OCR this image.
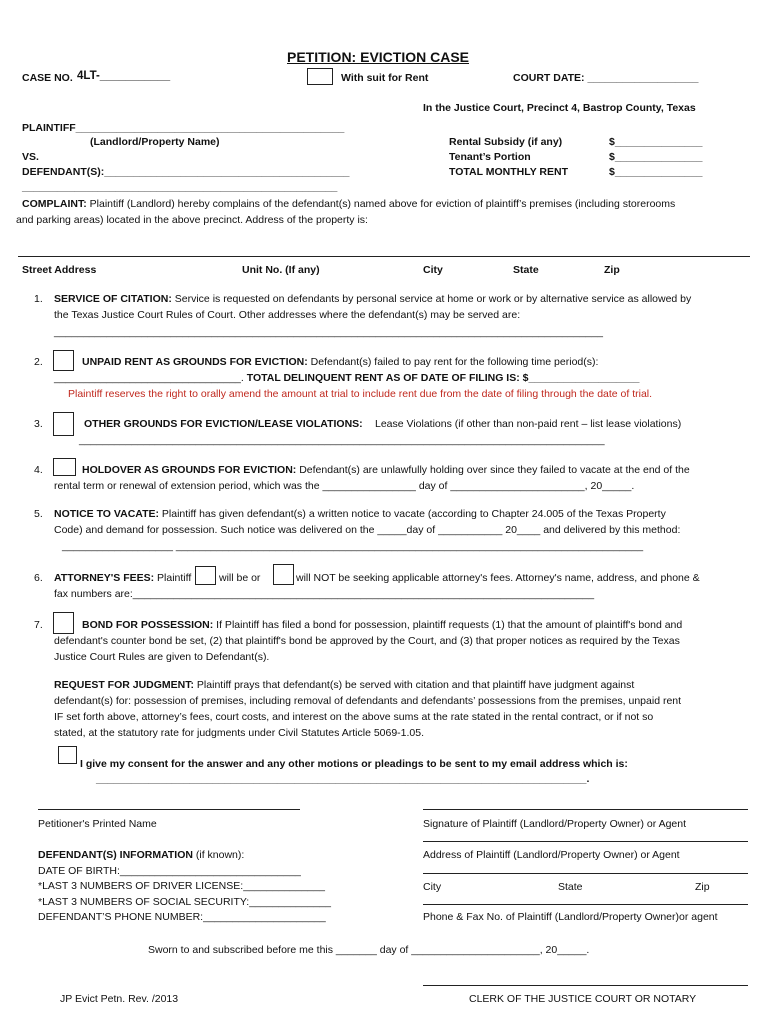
PETITION: EVICTION CASE
CASE NO. 4LT-___________	With suit for Rent	COURT DATE: ___________________
In the Justice Court, Precinct 4, Bastrop County, Texas
PLAINTIFF______________________________________________
(Landlord/Property Name)
VS.
DEFENDANT(S):__________________________________________
______________________________________________________
Rental Subsidy (if any)	$_______________
Tenant’s Portion	$_______________
TOTAL MONTHLY RENT	$_______________
COMPLAINT: Plaintiff (Landlord) hereby complains of the defendant(s) named above for eviction of plaintiff’s premises (including storerooms
and parking areas) located in the above precinct. Address of the property is:
Street Address	Unit No. (If any)	City	State	Zip
1. SERVICE OF CITATION: Service is requested on defendants by personal service at home or work or by alternative service as allowed by
the Texas Justice Court Rules of Court. Other addresses where the defendant(s) may be served are:
______________________________________________________________________________________________
2.	UNPAID RENT AS GROUNDS FOR EVICTION: Defendant(s) failed to pay rent for the following time period(s):
________________________________. TOTAL DELINQUENT RENT AS OF DATE OF FILING IS: $___________________
Plaintiff reserves the right to orally amend the amount at trial to include rent due from the date of filing through the date of trial.
3.	OTHER GROUNDS FOR EVICTION/LEASE VIOLATIONS: Lease Violations (if other than non-paid rent – list lease violations)
__________________________________________________________________________________________
4.	HOLDOVER AS GROUNDS FOR EVICTION: Defendant(s) are unlawfully holding over since they failed to vacate at the end of the
rental term or renewal of extension period, which was the ________________ day of _______________________, 20_____.
5. NOTICE TO VACATE: Plaintiff has given defendant(s) a written notice to vacate (according to Chapter 24.005 of the Texas Property
Code) and demand for possession. Such notice was delivered on the _____day of ___________ 20____ and delivered by this method:
___________________ ________________________________________________________________________________
6. ATTORNEY'S FEES: Plaintiff	will be or	will NOT be seeking applicable attorney's fees. Attorney's name, address, and phone &
fax numbers are:_______________________________________________________________________________
7.	BOND FOR POSSESSION: If Plaintiff has filed a bond for possession, plaintiff requests (1) that the amount of plaintiff's bond and
defendant's counter bond be set, (2) that plaintiff's bond be approved by the Court, and (3) that proper notices as required by the Texas
Justice Court Rules are given to Defendant(s).
REQUEST FOR JUDGMENT: Plaintiff prays that defendant(s) be served with citation and that plaintiff have judgment against
defendant(s) for: possession of premises, including removal of defendants and defendants’ possessions from the premises, unpaid rent
IF set forth above, attorney’s fees, court costs, and interest on the above sums at the rate stated in the rental contract, or if not so
stated, at the statutory rate for judgments under Civil Statutes Article 5069-1.05.
I give my consent for the answer and any other motions or pleadings to be sent to my email address which is:
____________________________________________________________________________________.
Petitioner's Printed Name	Signature of Plaintiff (Landlord/Property Owner) or Agent
Address of Plaintiff (Landlord/Property Owner) or Agent
City	State	Zip
Phone & Fax No. of Plaintiff (Landlord/Property Owner)or agent
DEFENDANT(S) INFORMATION (if known):
DATE OF BIRTH:_______________________________
*LAST 3 NUMBERS OF DRIVER LICENSE:______________
*LAST 3 NUMBERS OF SOCIAL SECURITY:______________
DEFENDANT’S PHONE NUMBER:_____________________
Sworn to and subscribed before me this _______ day of ______________________, 20_____.
JP Evict Petn. Rev. /2013	CLERK OF THE JUSTICE COURT OR NOTARY
